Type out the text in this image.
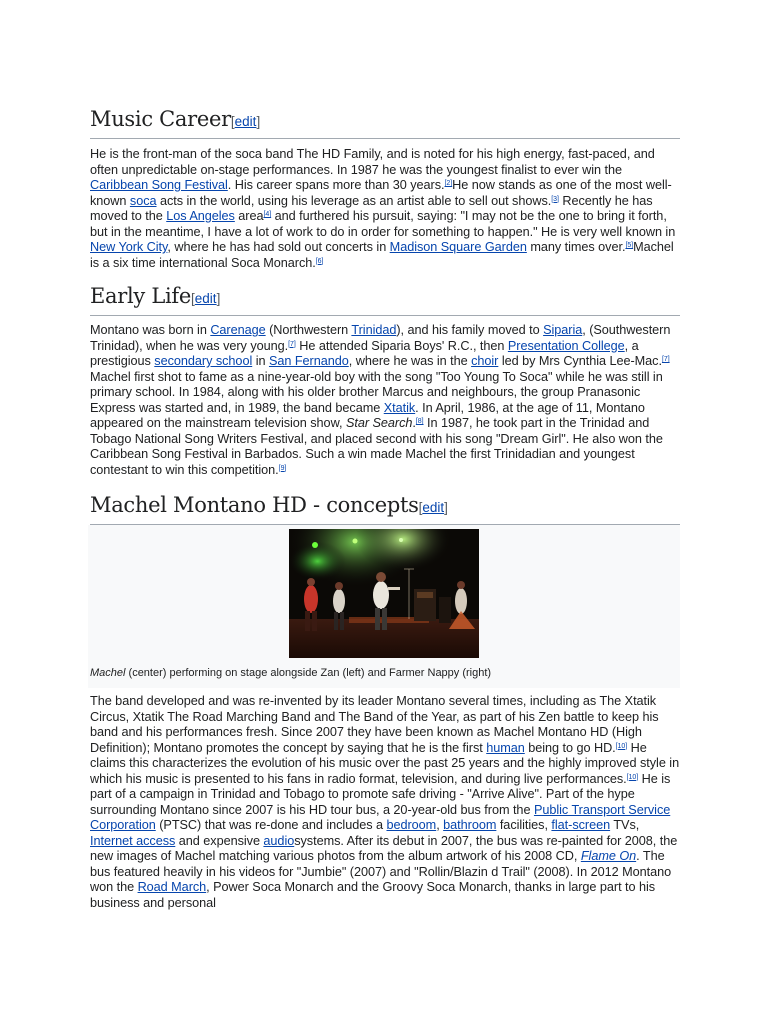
Music Career[edit]

He is the front-man of the soca band The HD Family, and is noted for his high energy, fast-paced, and often unpredictable on-stage performances. In 1987 he was the youngest finalist to ever win the Caribbean Song Festival. His career spans more than 30 years.[2]He now stands as one of the most well-known soca acts in the world, using his leverage as an artist able to sell out shows.[3] Recently he has moved to the Los Angeles area[4] and furthered his pursuit, saying: "I may not be the one to bring it forth, but in the meantime, I have a lot of work to do in order for something to happen." He is very well known in New York City, where he has had sold out concerts in Madison Square Garden many times over.[5]Machel is a six time international Soca Monarch.[6]

Early Life[edit]

Montano was born in Carenage (Northwestern Trinidad), and his family moved to Siparia, (Southwestern Trinidad), when he was very young.[7] He attended Siparia Boys' R.C., then Presentation College, a prestigious secondary school in San Fernando, where he was in the choir led by Mrs Cynthia Lee-Mac.[7] Machel first shot to fame as a nine-year-old boy with the song "Too Young To Soca" while he was still in primary school. In 1984, along with his older brother Marcus and neighbours, the group Pranasonic Express was started and, in 1989, the band became Xtatik. In April, 1986, at the age of 11, Montano appeared on the mainstream television show, Star Search.[8] In 1987, he took part in the Trinidad and Tobago National Song Writers Festival, and placed second with his song "Dream Girl". He also won the Caribbean Song Festival in Barbados. Such a win made Machel the first Trinidadian and youngest contestant to win this competition.[9]

Machel Montano HD - concepts[edit]
Machel (center) performing on stage alongside Zan (left) and Farmer Nappy (right)

The band developed and was re-invented by its leader Montano several times, including as The Xtatik Circus, Xtatik The Road Marching Band and The Band of the Year, as part of his Zen battle to keep his band and his performances fresh. Since 2007 they have been known as Machel Montano HD (High Definition); Montano promotes the concept by saying that he is the first human being to go HD.[10] He claims this characterizes the evolution of his music over the past 25 years and the highly improved style in which his music is presented to his fans in radio format, television, and during live performances.[10] He is part of a campaign in Trinidad and Tobago to promote safe driving - "Arrive Alive". Part of the hype surrounding Montano since 2007 is his HD tour bus, a 20-year-old bus from the Public Transport Service Corporation (PTSC) that was re-done and includes a bedroom, bathroom facilities, flat-screen TVs, Internet access and expensive audiosystems. After its debut in 2007, the bus was re-painted for 2008, the new images of Machel matching various photos from the album artwork of his 2008 CD, Flame On. The bus featured heavily in his videos for "Jumbie" (2007) and "Rollin/Blazin d Trail" (2008). In 2012 Montano won the Road March, Power Soca Monarch and the Groovy Soca Monarch, thanks in large part to his business and personal
